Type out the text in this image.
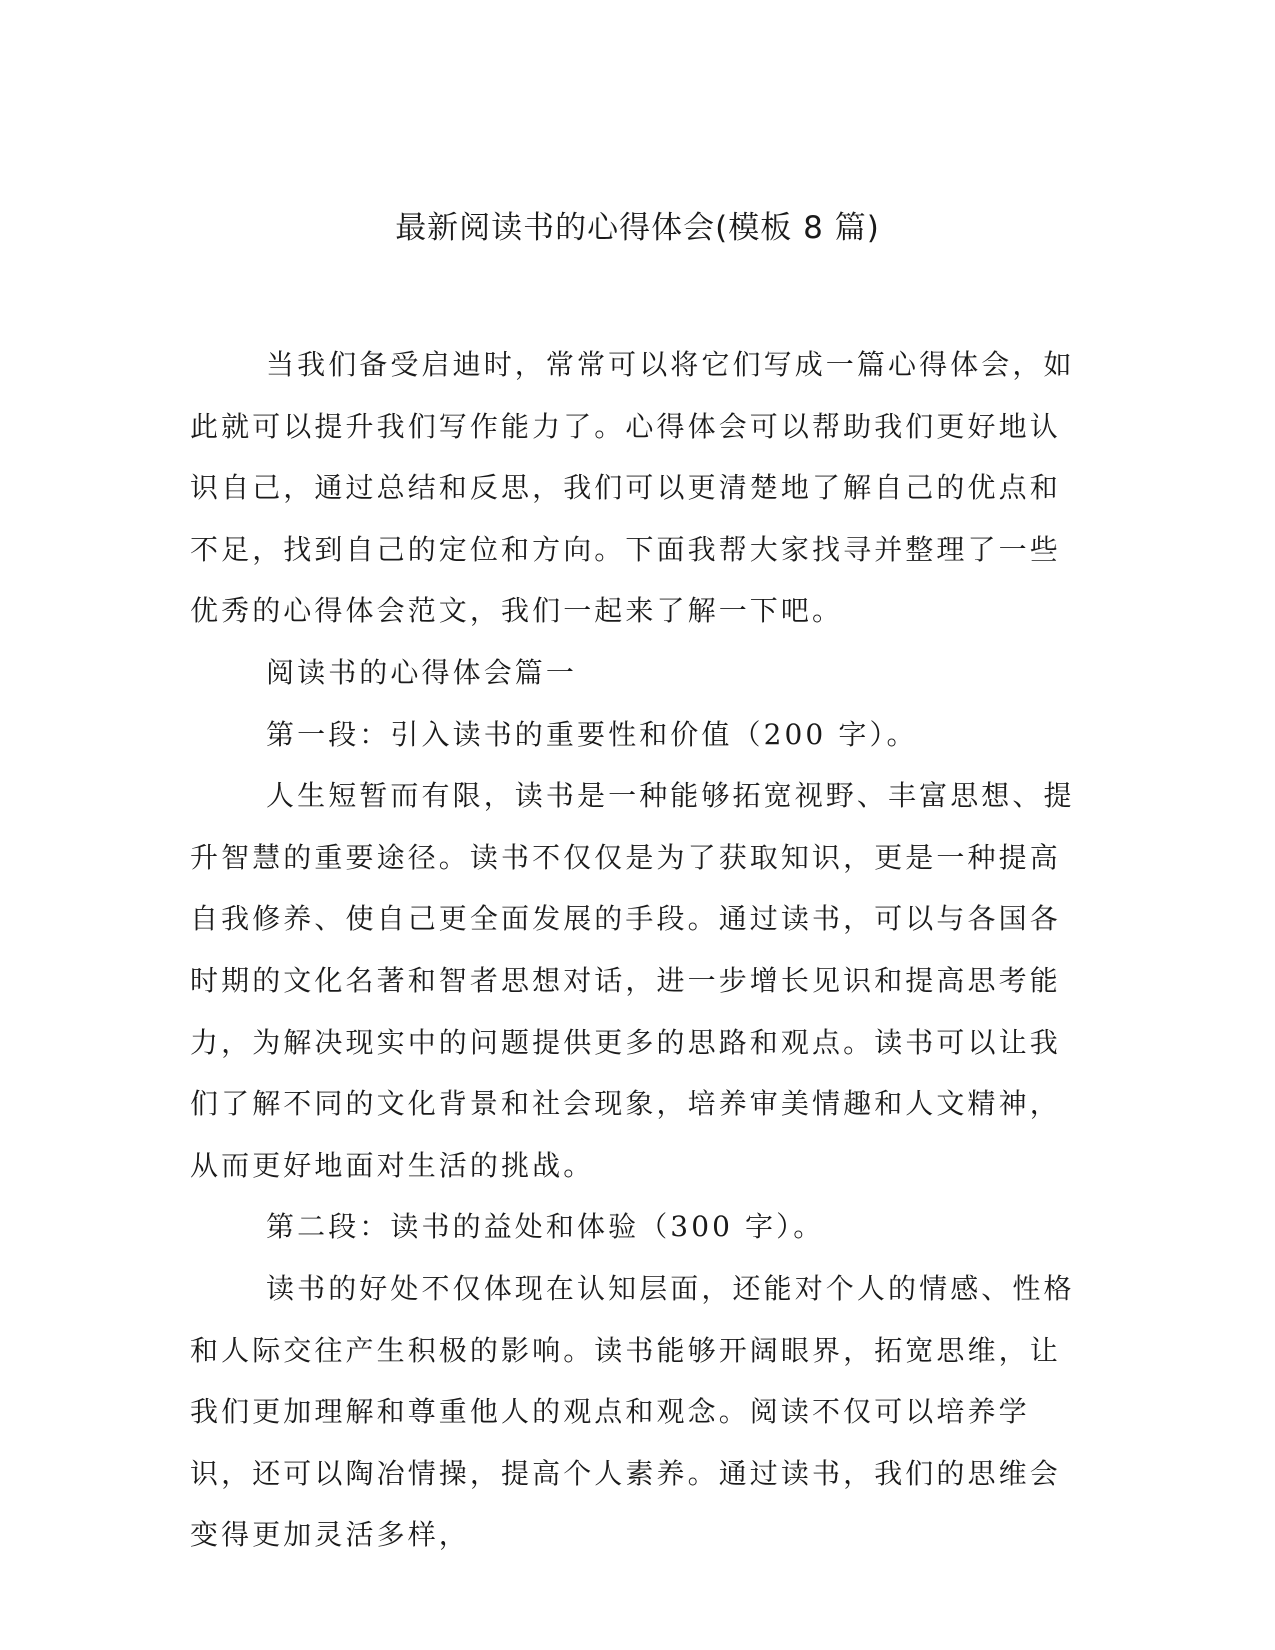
最新阅读书的心得体会(模板 8 篇)

当我们备受启迪时，常常可以将它们写成一篇心得体会，如此就可以提升我们写作能力了。心得体会可以帮助我们更好地认识自己，通过总结和反思，我们可以更清楚地了解自己的优点和不足，找到自己的定位和方向。下面我帮大家找寻并整理了一些优秀的心得体会范文，我们一起来了解一下吧。

阅读书的心得体会篇一

第一段：引入读书的重要性和价值（200 字）。

人生短暂而有限，读书是一种能够拓宽视野、丰富思想、提升智慧的重要途径。读书不仅仅是为了获取知识，更是一种提高自我修养、使自己更全面发展的手段。通过读书，可以与各国各时期的文化名著和智者思想对话，进一步增长见识和提高思考能力，为解决现实中的问题提供更多的思路和观点。读书可以让我们了解不同的文化背景和社会现象，培养审美情趣和人文精神，从而更好地面对生活的挑战。

第二段：读书的益处和体验（300 字）。

读书的好处不仅体现在认知层面，还能对个人的情感、性格和人际交往产生积极的影响。读书能够开阔眼界，拓宽思维，让我们更加理解和尊重他人的观点和观念。阅读不仅可以培养学识，还可以陶冶情操，提高个人素养。通过读书，我们的思维会变得更加灵活多样，
